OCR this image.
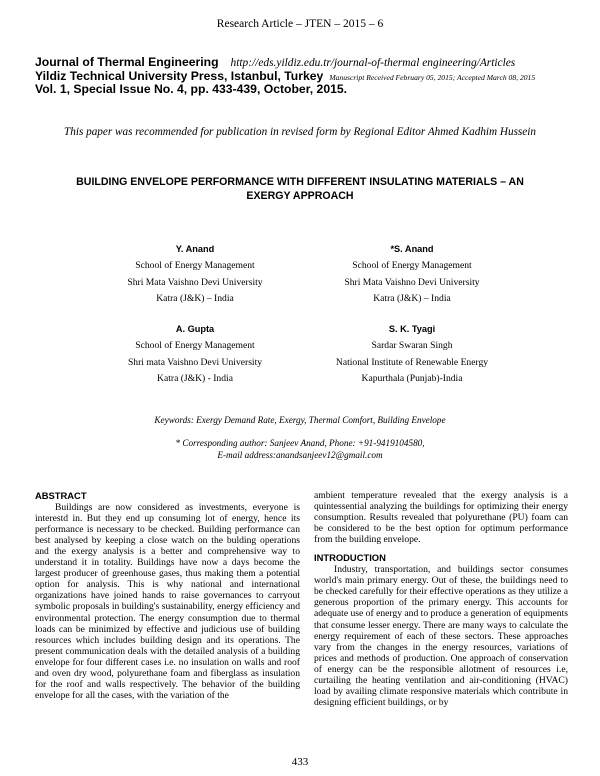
Research Article – JTEN – 2015 – 6
Journal of Thermal Engineering http://eds.yildiz.edu.tr/journal-of-thermal engineering/Articles
Yildiz Technical University Press, Istanbul, Turkey Manuscript Received February 05, 2015; Accepted March 08, 2015
Vol. 1, Special Issue No. 4, pp. 433-439, October, 2015.
This paper was recommended for publication in revised form by Regional Editor Ahmed Kadhim Hussein
BUILDING ENVELOPE PERFORMANCE WITH DIFFERENT INSULATING MATERIALS – AN
EXERGY APPROACH
Y. Anand
School of Energy Management
Shri Mata Vaishno Devi University
Katra (J&K) – India
*S. Anand
School of Energy Management
Shri Mata Vaishno Devi University
Katra (J&K) – India
A. Gupta
School of Energy Management
Shri mata Vaishno Devi University
Katra (J&K) - India
S. K. Tyagi
Sardar Swaran Singh
National Institute of Renewable Energy
Kapurthala (Punjab)-India
Keywords: Exergy Demand Rate, Exergy, Thermal Comfort, Building Envelope
* Corresponding author: Sanjeev Anand, Phone: +91-9419104580,
E-mail address:anandsanjeev12@gmail.com
ABSTRACT

Buildings are now considered as investments, everyone is interestd in. But they end up consuming lot of energy, hence its performance is necessary to be checked. Building performance can best analysed by keeping a close watch on the bulding operations and the exergy analysis is a better and comprehensive way to understand it in totality. Buildings have now a days become the largest producer of greenhouse gases, thus making them a potential option for analysis. This is why national and international organizations have joined hands to raise governances to carryout symbolic proposals in building's sustainability, energy efficiency and environmental protection. The energy consumption due to thermal loads can be minimized by effective and judicious use of building resources which includes building design and its operations. The present communication deals with the detailed analysis of a building envelope for four different cases i.e. no insulation on walls and roof and oven dry wood, polyurethane foam and fiberglass as insulation for the roof and walls respectively. The behavior of the building envelope for all the cases, with the variation of the

ambient temperature revealed that the exergy analysis is a quintessential analyzing the buildings for optimizing their energy consumption. Results revealed that polyurethane (PU) foam can be considered to be the best option for optimum performance from the building envelope.

INTRODUCTION

Industry, transportation, and buildings sector consumes world's main primary energy. Out of these, the buildings need to be checked carefully for their effective operations as they utilize a generous proportion of the primary energy. This accounts for adequate use of energy and to produce a generation of equipments that consume lesser energy. There are many ways to calculate the energy requirement of each of these sectors. These approaches vary from the changes in the energy resources, variations of prices and methods of production. One approach of conservation of energy can be the responsible allotment of resources i.e, curtailing the heating ventilation and air-conditioning (HVAC) load by availing climate responsive materials which contribute in designing efficient buildings, or by

433
